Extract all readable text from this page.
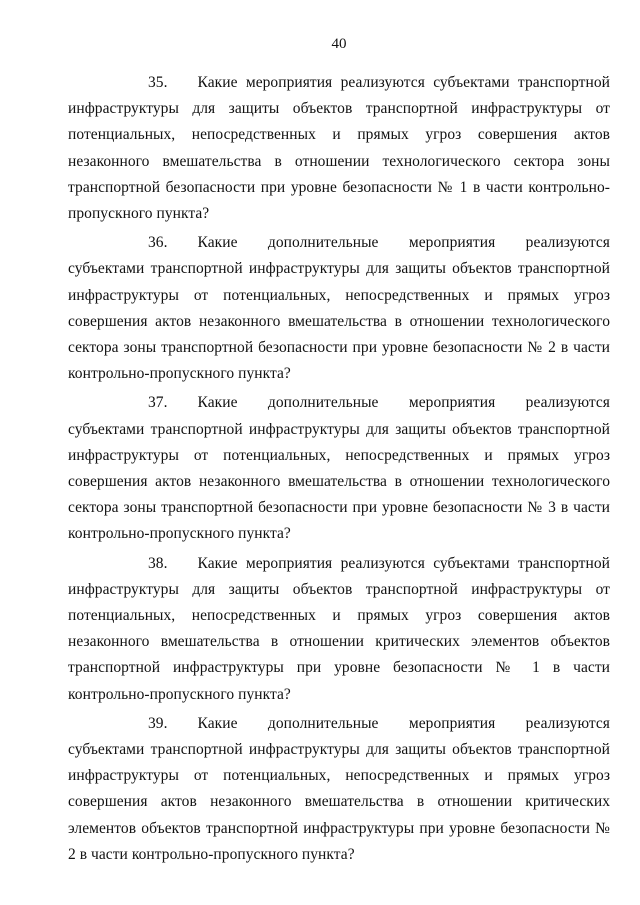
40

35. Какие мероприятия реализуются субъектами транспортной инфраструктуры для защиты объектов транспортной инфраструктуры от потенциальных, непосредственных и прямых угроз совершения актов незаконного вмешательства в отношении технологического сектора зоны транспортной безопасности при уровне безопасности № 1 в части контрольно-пропускного пункта?

36. Какие дополнительные мероприятия реализуются субъектами транспортной инфраструктуры для защиты объектов транспортной инфраструктуры от потенциальных, непосредственных и прямых угроз совершения актов незаконного вмешательства в отношении технологического сектора зоны транспортной безопасности при уровне безопасности № 2 в части контрольно-пропускного пункта?

37. Какие дополнительные мероприятия реализуются субъектами транспортной инфраструктуры для защиты объектов транспортной инфраструктуры от потенциальных, непосредственных и прямых угроз совершения актов незаконного вмешательства в отношении технологического сектора зоны транспортной безопасности при уровне безопасности № 3 в части контрольно-пропускного пункта?

38. Какие мероприятия реализуются субъектами транспортной инфраструктуры для защиты объектов транспортной инфраструктуры от потенциальных, непосредственных и прямых угроз совершения актов незаконного вмешательства в отношении критических элементов объектов транспортной инфраструктуры при уровне безопасности № 1 в части контрольно-пропускного пункта?

39. Какие дополнительные мероприятия реализуются субъектами транспортной инфраструктуры для защиты объектов транспортной инфраструктуры от потенциальных, непосредственных и прямых угроз совершения актов незаконного вмешательства в отношении критических элементов объектов транспортной инфраструктуры при уровне безопасности № 2 в части контрольно-пропускного пункта?
